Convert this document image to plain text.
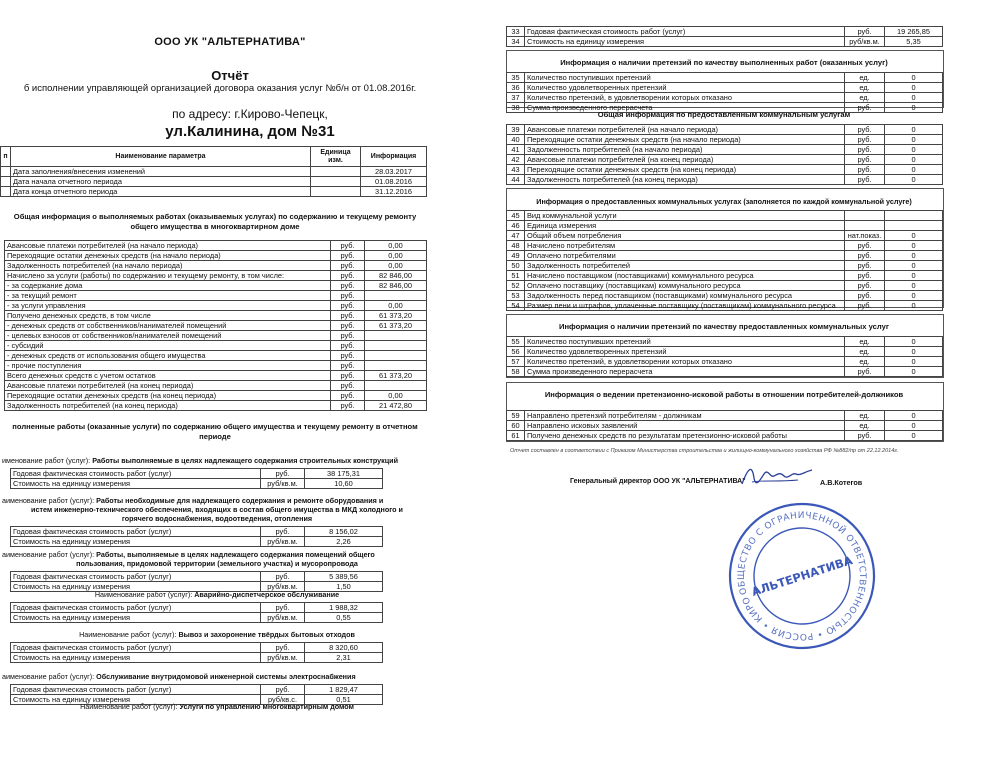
ООО УК "АЛЬТЕРНАТИВА"
Отчёт
б исполнении управляющей организацией договора оказания услуг №б/н от 01.08.2016г.
по адресу: г.Кирово-Чепецк,
ул.Калинина, дом №31
п	Наименование параметра	Единица изм.	Информация
	Дата заполнения/внесения изменений		28.03.2017
	Дата начала отчетного периода		01.08.2016
	Дата конца отчетного периода		31.12.2016
Общая информация о выполняемых работах (оказываемых услугах) по содержанию и текущему ремонту общего имущества в многоквартирном доме
Авансовые платежи потребителей (на начало периода)	руб.	0,00
Переходящие остатки денежных средств (на начало периода)	руб.	0,00
Задолженность потребителей (на начало периода)	руб.	0,00
Начислено за услуги (работы) по содержанию и текущему ремонту, в том числе:	руб.	82 846,00
- за содержание дома	руб.	82 846,00
- за текущий ремонт	руб.	
- за услуги управления	руб.	0,00
Получено денежных средств, в том числе	руб.	61 373,20
- денежных средств от собственников/нанимателей помещений	руб.	61 373,20
- целевых взносов от собственников/нанимателей помещений	руб.	
- субсидий	руб.	
- денежных средств от использования общего имущества	руб.	
- прочие поступления	руб.	
Всего денежных средств с учетом остатков	руб.	61 373,20
Авансовые платежи потребителей (на конец периода)	руб.	
Переходящие остатки денежных средств (на конец периода)	руб.	0,00
Задолженность потребителей (на конец периода)	руб.	21 472,80
полненные работы (оказанные услуги) по содержанию общего имущества и текущему ремонту в отчетном периоде
именование работ (услуг): Работы выполняемые в целях надлежащего содержания строительных конструкций
Годовая фактическая стоимость работ (услуг)	руб.	38 175,31
Стоимость на единицу измерения	руб/кв.м.	10,60
аименование работ (услуг): Работы необходимые для надлежащего содержания и ремонте оборудования и

истем инженерно-технического обеспечения, входящих в состав общего имущества в МКД холодного и
горячего водоснабжения, водоотведения, отопления
Годовая фактическая стоимость работ (услуг)	руб.	8 156,02
Стоимость на единицу измерения	руб/кв.м.	2,26
аименование работ (услуг): Работы, выполняемые в целях надлежащего содержания помещений общего

пользования, придомовой территории (земельного участка) и мусоропровода
Годовая фактическая стоимость работ (услуг)	руб.	5 389,56
Стоимость на единицу измерения	руб/кв.м.	1,50
Наименование работ (услуг): Аварийно-диспетчерское обслуживание
Годовая фактическая стоимость работ (услуг)	руб.	1 988,32
Стоимость на единицу измерения	руб/кв.м.	0,55
Наименование работ (услуг): Вывоз и захоронение твёрдых бытовых отходов
Годовая фактическая стоимость работ (услуг)	руб.	8 320,60
Стоимость на единицу измерения	руб/кв.м.	2,31
аименование работ (услуг): Обслуживание внутридомовой инженерной системы электроснабжения
Годовая фактическая стоимость работ (услуг)	руб.	1 829,47
Стоимость на единицу измерения	руб/кв.с.	0,51
Наименование работ (услуг): Услуги по управлению многоквартирным домом
33	Годовая фактическая стоимость работ (услуг)	руб.	19 265,85
34	Стоимость на единицу измерения	руб/кв.м.	5,35
Информация о наличии претензий по качеству выполненных работ (оказанных услуг)
35	Количество поступивших претензий	ед.	0
36	Количество удовлетворенных претензий	ед.	0
37	Количество претензий, в удовлетворении которых отказано	ед.	0
38	Сумма произведенного перерасчета	руб.	0
Общая информация по предоставленным коммунальным услугам
39	Авансовые платежи потребителей (на начало периода)	руб.	0
40	Переходящие остатки денежных средств (на начало периода)	руб.	0
41	Задолженность потребителей (на начало периода)	руб.	0
42	Авансовые платежи потребителей (на конец периода)	руб.	0
43	Переходящие остатки денежных средств (на конец периода)	руб.	0
44	Задолженность потребителей (на конец периода)	руб.	0
Информация о предоставленных коммунальных услугах (заполняется по каждой коммунальной услуге)
45	Вид коммунальной услуги		
46	Единица измерения		
47	Общий объем потребления	нат.показ.	0
48	Начислено потребителям	руб.	0
49	Оплачено потребителями	руб.	0
50	Задолженность потребителей	руб.	0
51	Начислено поставщиком (поставщиками) коммунального ресурса	руб.	0
52	Оплачено поставщику (поставщикам) коммунального ресурса	руб.	0
53	Задолженность перед поставщиком (поставщиками) коммунального ресурса	руб.	0
54	Размер пени и штрафов, уплаченные поставщику (поставщикам) коммунального ресурса	руб.	0
Информация о наличии претензий по качеству предоставленных коммунальных услуг
55	Количество поступивших претензий	ед.	0
56	Количество удовлетворенных претензий	ед.	0
57	Количество претензий, в удовлетворении которых отказано	ед.	0
58	Сумма произведенного перерасчета	руб.	0
Информация о ведении претензионно-исковой работы в отношении потребителей-должников
59	Направлено претензий потребителям - должникам	ед.	0
60	Направлено исковых заявлений	ед.	0
61	Получено денежных средств по результатам претензионно-исковой работы	руб.	0
Отчет составлен в соответствии с Приказом Министерства строительства и жилищно-коммунального хозяйства РФ №882/пр от 22.12.2014г.
Генеральный директор ООО УК "АЛЬТЕРНАТИВА"	А.В.Котегов
ОБЩЕСТВО С ОГРАНИЧЕННОЙ ОТВЕТСТВЕННОСТЬЮ • РОССИЯ • КИРОВСКАЯ
АЛЬТЕРНАТИВА
